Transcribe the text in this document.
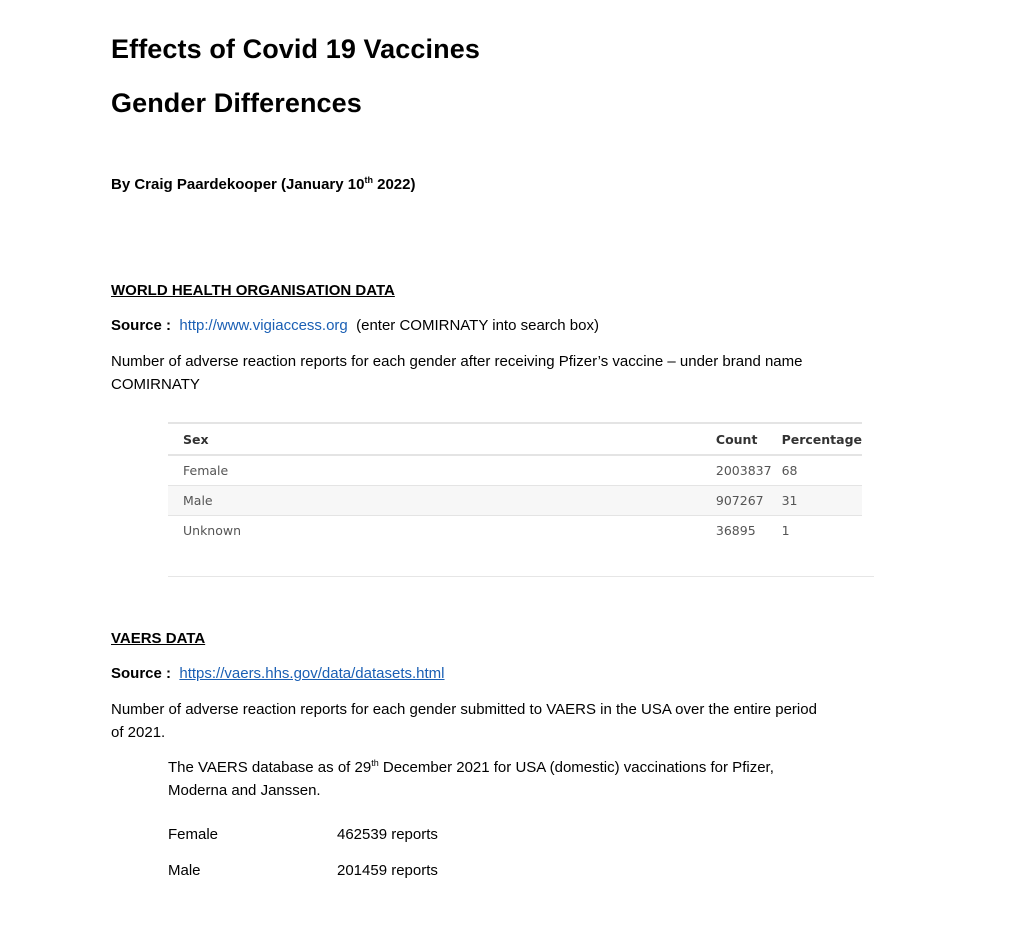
Effects of Covid 19 Vaccines
Gender Differences
By Craig Paardekooper (January 10th 2022)
WORLD HEALTH ORGANISATION DATA
Source : http://www.vigiaccess.org (enter COMIRNATY into search box)
Number of adverse reaction reports for each gender after receiving Pfizer’s vaccine – under brand name COMIRNATY
Sex	Count	Percentage
Female	2003837	68
Male	907267	31
Unknown	36895	1
VAERS DATA
Source : https://vaers.hhs.gov/data/datasets.html
Number of adverse reaction reports for each gender submitted to VAERS in the USA over the entire period of 2021.
The VAERS database as of 29th December 2021 for USA (domestic) vaccinations for Pfizer, Moderna and Janssen.
Female	462539 reports
Male	201459 reports
